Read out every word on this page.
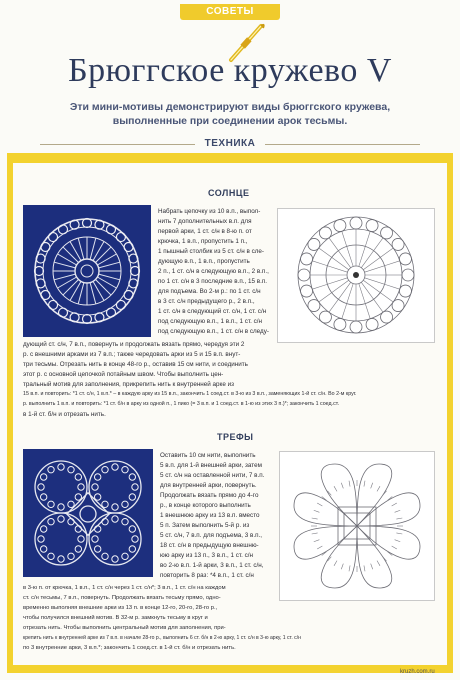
СОВЕТЫ
Брюггское кружево V
Эти мини-мотивы демонстрируют виды брюггского кружева,
выполненные при соединении арок тесьмы.
ТЕХНИКА
СОЛНЦЕ
Набрать цепочку из 10 в.п., выпол-
нить 7 дополнительных в.п. для
первой арки, 1 ст. с/н в 8-ю п. от
крючка, 1 в.п., пропустить 1 п.,
1 пышный столбик из 5 ст. с/н в сле-
дующую в.п., 1 в.п., пропустить
2 п., 1 ст. с/н в следующую в.п., 2 в.п.,
по 1 ст. с/н в 3 последние в.п., 15 в.п.
для подъема. Во 2-м р.: по 1 ст. с/н
в 3 ст. с/н предыдущего р., 2 в.п.,
1 ст. с/н в следующий ст. с/н, 1 ст. с/н
под следующую в.п., 1 в.п., 1 ст. с/н
под следующую в.п., 1 ст. с/н в следу-
дующий ст. с/н, 7 в.п., повернуть и продолжать вязать прямо, чередуя эти 2
р. с внешними арками из 7 в.п.; также чередовать арки из 5 и 15 в.п. внут-
три тесьмы. Отрезать нить в конце 48-го р., оставив 15 см нити, и соединить
этот р. с основной цепочкой потайным швом. Чтобы выполнить цен-
тральный мотив для заполнения, прикрепить нить к внутренней арке из
15 в.п. и повторить: *1 ст. с/н, 1 в.п.* – в каждую арку из 15 в.п., закончить 1 соед.ст. в 3-ю из 3 в.п., заменяющих 1-й ст. с/н. Во 2-м круг.
р. выполнить 1 в.п. и повторить: *1 ст. б/н в арку из одной п., 1 пико (= 3 в.п. и 1 соед.ст. в 1-ю из этих 3 п.)*; закончить 1 соед.ст.
в 1-й ст. б/н и отрезать нить.
ТРЕФЫ
Оставить 10 см нити, выполнить
5 в.п. для 1-й внешней арки, затем
5 ст. с/н на оставленной нити, 7 в.п.
для внутренней арки, повернуть.
Продолжать вязать прямо до 4-го
р., в конце которого выполнить
1 внешнюю арку из 13 в.п. вместо
5 п. Затем выполнить 5-й р. из
5 ст. с/н, 7 в.п. для подъема, 3 в.п.,
18 ст. с/н в предыдущую внешню-
юю арку из 13 п., 3 в.п., 1 ст. с/н
во 2-ю в.п. 1-й арки, 3 в.п., 1 ст. с/н,
повторить 8 раз: *4 в.п., 1 ст. с/н
в 3-ю п. от крючка, 1 в.п., 1 ст. с/н через 1 ст. с/н*; 3 в.п., 1 ст. с/н на каждом
ст. с/н тесьмы, 7 в.п., повернуть. Продолжать вязать тесьму прямо, одно-
временно выполняя внешние арки из 13 п. в конце 12-го, 20-го, 28-го р.,
чтобы получился внешний мотив. В 32-м р. замкнуть тесьму в круг и
отрезать нить. Чтобы выполнить центральный мотив для заполнения, при-
крепить нить к внутренней арке из 7 в.п. в начале 28-го р., выполнить 6 ст. б/н в 2-ю арку, 1 ст. с/н в 3-ю арку, 1 ст. с/н
по 3 внутренние арки, 3 в.п.*; закончить 1 соед.ст. в 1-й ст. б/н и отрезать нить.
kruzh.com.ru
